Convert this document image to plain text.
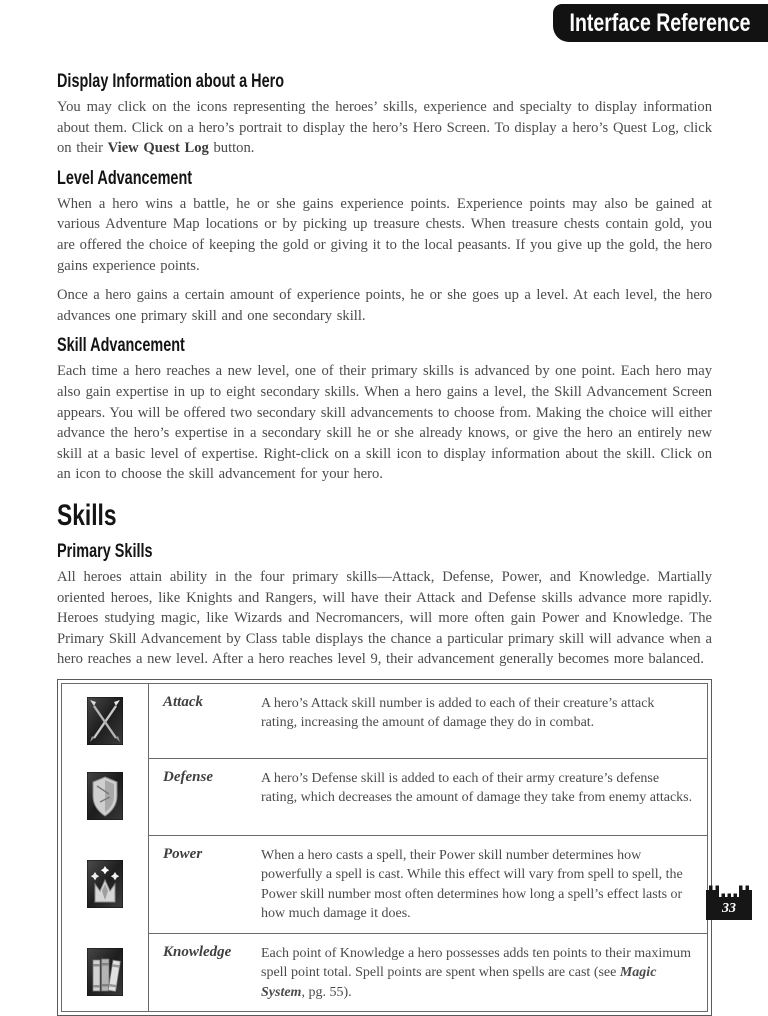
Interface Reference
Display Information about a Hero

You may click on the icons representing the heroes’ skills, experience and specialty to display information about them. Click on a hero’s portrait to display the hero’s Hero Screen. To display a hero’s Quest Log, click on their View Quest Log button.

Level Advancement

When a hero wins a battle, he or she gains experience points. Experience points may also be gained at various Adventure Map locations or by picking up treasure chests. When treasure chests contain gold, you are offered the choice of keeping the gold or giving it to the local peasants. If you give up the gold, the hero gains experience points.

Once a hero gains a certain amount of experience points, he or she goes up a level. At each level, the hero advances one primary skill and one secondary skill.

Skill Advancement

Each time a hero reaches a new level, one of their primary skills is advanced by one point. Each hero may also gain expertise in up to eight secondary skills. When a hero gains a level, the Skill Advancement Screen appears. You will be offered two secondary skill advancements to choose from. Making the choice will either advance the hero’s expertise in a secondary skill he or she already knows, or give the hero an entirely new skill at a basic level of expertise. Right-click on a skill icon to display information about the skill. Click on an icon to choose the skill advancement for your hero.

Skills
Primary Skills

All heroes attain ability in the four primary skills—Attack, Defense, Power, and Knowledge. Martially oriented heroes, like Knights and Rangers, will have their Attack and Defense skills advance more rapidly. Heroes studying magic, like Wizards and Necromancers, will more often gain Power and Knowledge. The Primary Skill Advancement by Class table displays the chance a particular primary skill will advance when a hero reaches a new level. After a hero reaches level 9, their advancement generally becomes more balanced.

Attack	A hero’s Attack skill number is added to each of their creature’s attack rating, increasing the amount of damage they do in combat.
Defense	A hero’s Defense skill is added to each of their army creature’s defense rating, which decreases the amount of damage they take from enemy attacks.
Power	When a hero casts a spell, their Power skill number determines how powerfully a spell is cast. While this effect will vary from spell to spell, the Power skill number most often determines how long a spell’s effect lasts or how much damage it does.
Knowledge	Each point of Knowledge a hero possesses adds ten points to their maximum spell point total. Spell points are spent when spells are cast (see Magic System, pg. 55).
33
